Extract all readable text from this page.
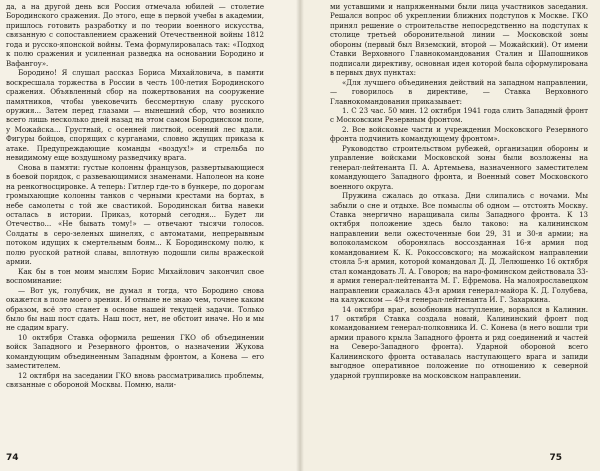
да, а на другой день вся Россия отмечала юбилей — столетие Бородинского сражения. До этого, еще в первой учебы в академии, пришлось готовить разработку и по теории военного искусства, связанную с сопоставлением сражений Отечественной войны 1812 года и русско-японской войны. Тема формулировалась так: «Подход к полю сражения и усиленная разведка на основании Бородино и Вафангоу».

Бородино! Я слушал рассказ Бориса Михайловича, в памяти воскресшала торжества в России в честь 100-летия Бородинского сражения. Объявленный сбор на пожертвования на сооружение памятников, чтобы увековечить бессмертную славу русского оружия... Затем перед глазами — нынешний сбор, что возникло всего лишь несколько дней назад на этом самом Бородинском поле, у Можайска... Грустный, с осенней листвой, осенний лес вдали. Фигуры бойцов, спорящих с курганами, словно ждущих приказа к атаке. Предупреждающие команды «воздух!» и стрельба по невидимому еще воздушному разведчику врага.

Снова в памяти: густые колонны французов, развертывающиеся в боевой порядок, с развевающимися знаменами. Наполеон на коне на ренкогносцировке. А теперь: Гитлер где-то в бункере, по дорогам громыхающие колонны танков с черными крестами на бортах, в небе самолеты с той же свастикой. Бородинская битва навеки осталась в истории. Приказ, который сегодня... Будет ли Отечество... «Не бывать тому!» — отвечают тысячи голосов. Солдаты в серо-зеленых шинелях, с автоматами, непрерывным потоком идущих к смертельным боям... К Бородинскому полю, к полю русской ратной славы, вплотную подошли силы вражеской армии.

Как бы в тон моим мыслям Борис Михайлович закончил свое воспоминание:

— Вот ук, голубчик, не думал я тогда, что Бородино снова окажется в поле моего зрения. И отныне не знаю чем, точнее каким образом, всё это станет в основе нашей текущей задачи. Только было бы наш пост сдать. Наш пост, нет, не обстоит иначе. Но и мы не сдадим врагу.

10 октября Ставка оформила решения ГКО об объединении войск Западного и Резервного фронтов, о назначении Жукова командующим объединенным Западным фронтом, а Конева — его заместителем.

12 октября на заседании ГКО вновь рассматривались проблемы, связанные с обороной Москвы. Помню, нали-

74

ми уставшими и напряженными были лица участников заседания. Решался вопрос об укреплении ближних подступов к Москве. ГКО принял решение о строительстве непосредственно на подступах к столице третьей оборонительной линии — Московской зоны обороны (первый был Вяземский, второй — Можайский). От имени Ставки Верховного Главнокомандования Сталин и Шапошников подписали директиву, основная идея которой была сформулирована в первых двух пунктах:

«Для лучшего объединения действий на западном направлении, — говорилось в директиве, — Ставка Верховного Главнокомандования приказывает:

1. С 23 час. 50 мин. 12 октября 1941 года слить Западный фронт с Московским Резервным фронтом.

2. Все войсковые части и учреждения Московского Резервного фронта подчинить командующему фронтом».

Руководство строительством рубежей, организация обороны и управление войсками Московской зоны были возложены на генерал-лейтенанта П. А. Артемьева, назначенного заместителем командующего Западного фронта, и Военный совет Московского военного округа.

Пружина сжалась до отказа. Дни слипались с ночами. Мы забыли о сне и отдыхе. Все помыслы об одном — отстоять Москву. Ставка энергично наращивала силы Западного фронта. К 13 октября положение здесь было таково: на калининском направлении вели ожесточенные бои 29, 31 и 30-я армии; на волоколамском оборонялась воссозданная 16-я армия под командованием К. К. Рокоссовского; на можайском направлении стояла 5-я армия, которой командовал Д. Д. Лелюшенко 16 октября стал командовать Л. А. Говоров; на наро-фоминском действовала 33-я армия генерал-лейтенанта М. Г. Ефремова. На малоярославецком направлении сражалась 43-я армия генерал-майора К. Д. Голубева, на калужском — 49-я генерал-лейтенанта И. Г. Захаркина.

14 октября враг, возобновив наступление, ворвался в Калинин. 17 октября Ставка создала новый, Калининский фронт под командованием генерал-полковника И. С. Конева (в него вошли три армии правого крыла Западного фронта и ряд соединений и частей на Северо-Западного фронта). Ударной обороной всего Калининского фронта оставалась наступающего врага и запиди выгодное оперативное положение по отношению к северной ударной группировке на московском направлении.

75
